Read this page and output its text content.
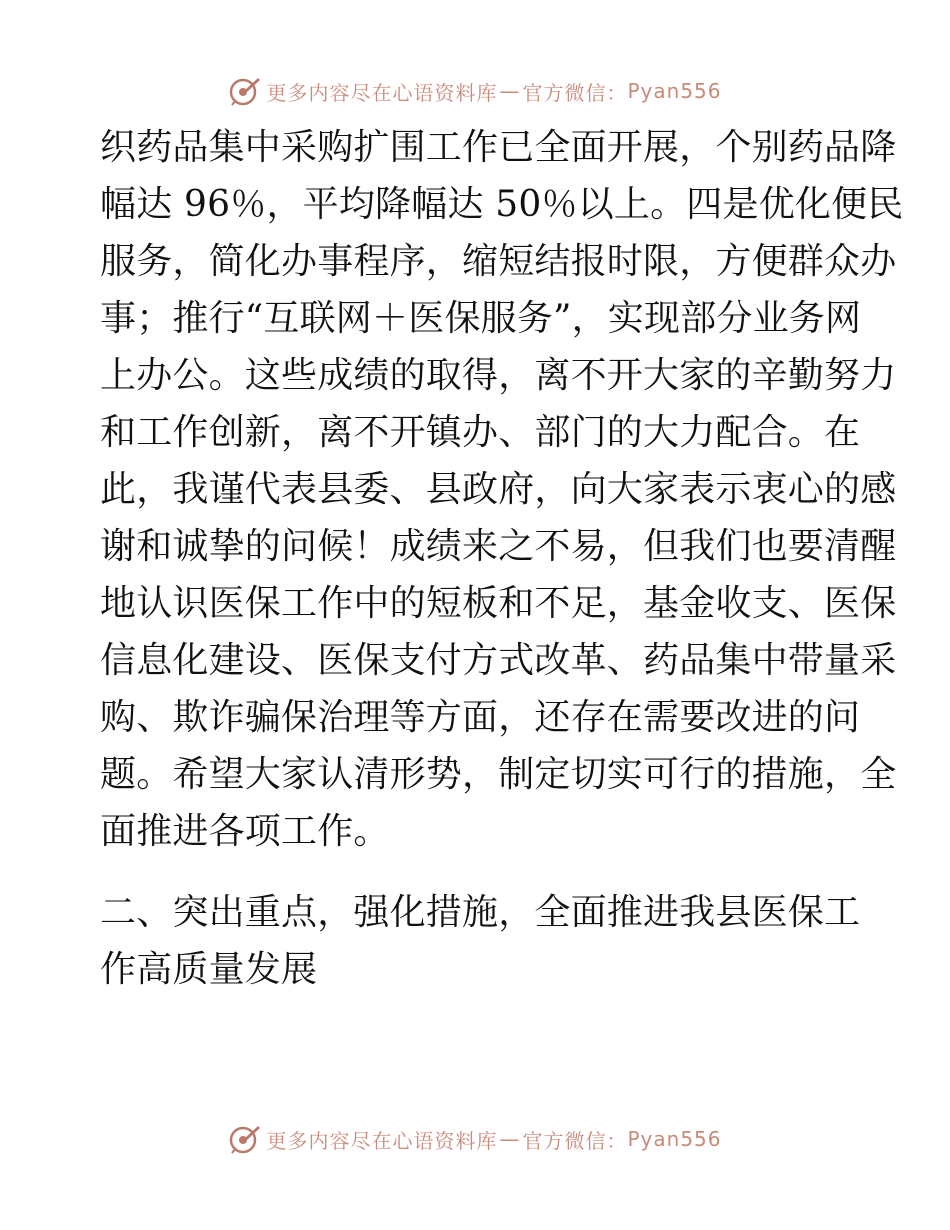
更多内容尽在心语资料库 — 官方微信： Pyan556
织药品集中采购扩围工作已全面开展，个别药品降
幅达 96％，平均降幅达 50％以上。四是优化便民
服务，简化办事程序，缩短结报时限，方便群众办
事；推行“互联网＋医保服务”，实现部分业务网
上办公。这些成绩的取得，离不开大家的辛勤努力
和工作创新，离不开镇办、部门的大力配合。在
此，我谨代表县委、县政府，向大家表示衷心的感
谢和诚挚的问候！成绩来之不易，但我们也要清醒
地认识医保工作中的短板和不足，基金收支、医保
信息化建设、医保支付方式改革、药品集中带量采
购、欺诈骗保治理等方面，还存在需要改进的问
题。希望大家认清形势，制定切实可行的措施，全
面推进各项工作。
二、突出重点，强化措施，全面推进我县医保工
作高质量发展
更多内容尽在心语资料库 — 官方微信： Pyan556
